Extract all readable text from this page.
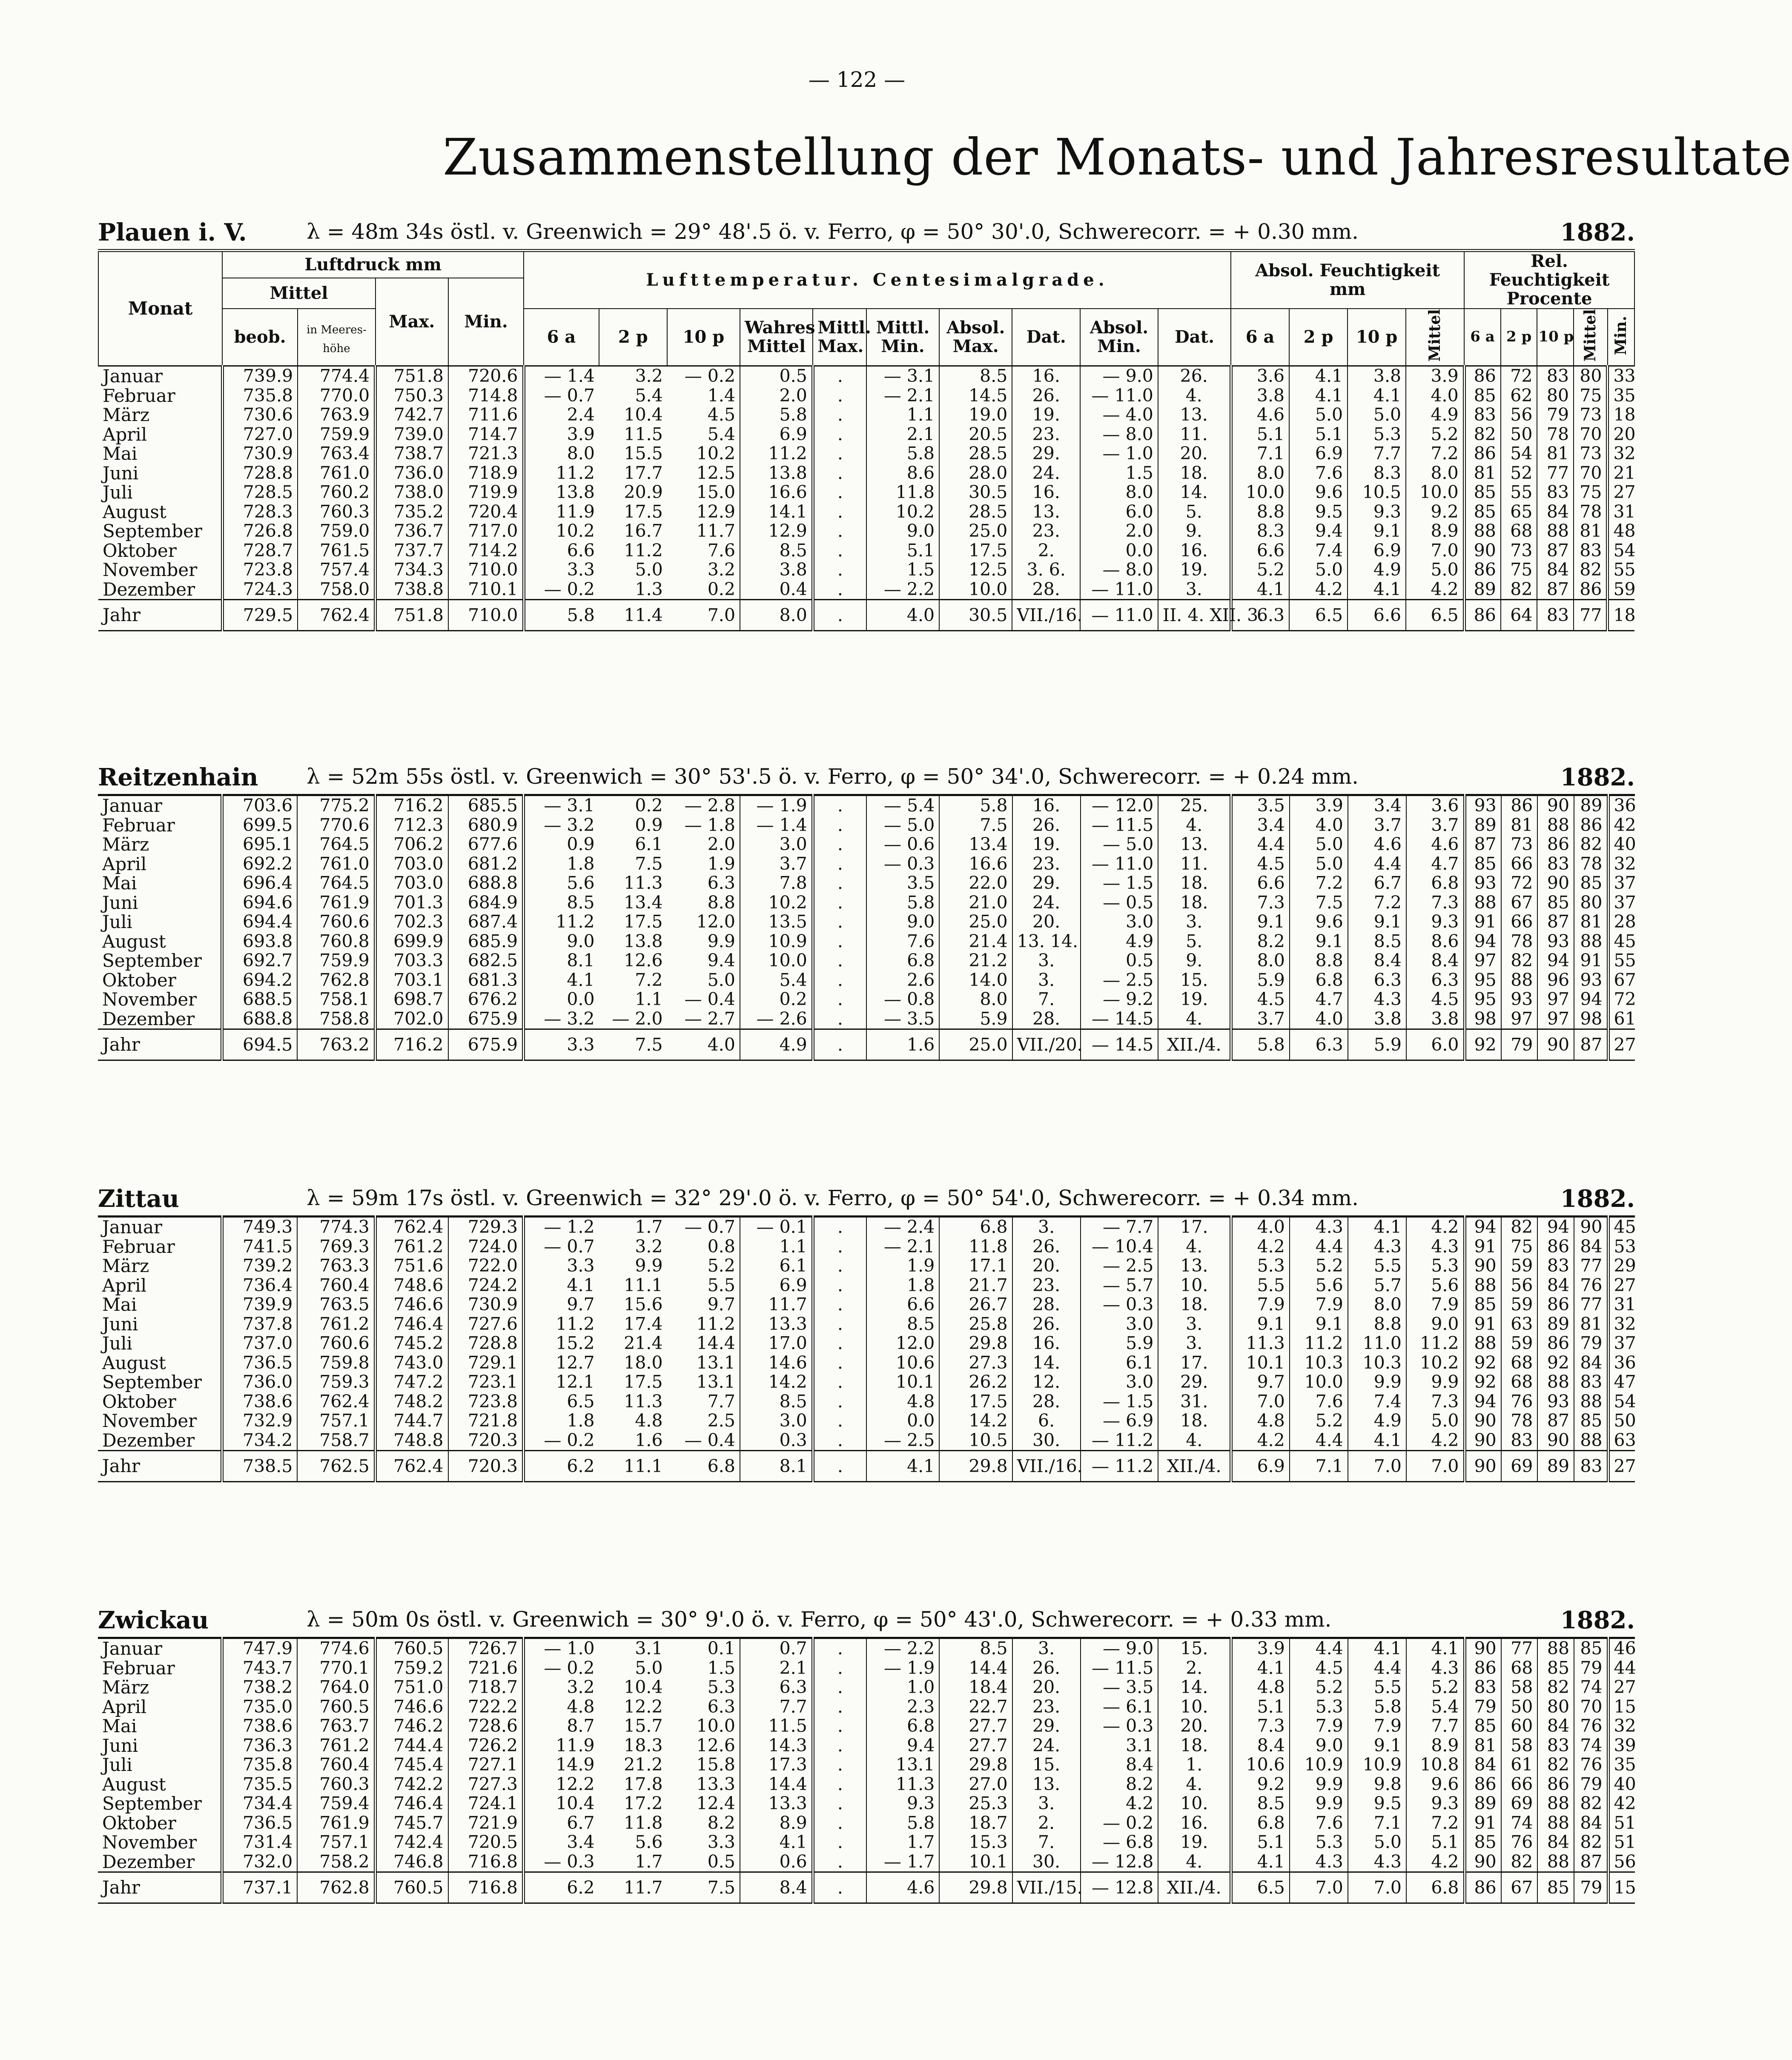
— 122 —
Zusammenstellung der Monats- und Jahresresultate
Plauen i. V.	λ = 48m 34s östl. v. Greenwich = 29° 48'.5 ö. v. Ferro, φ = 50° 30'.0, Schwerecorr. = + 0.30 mm.	1882.
Monat	Luftdruck mm				Lufttemperatur. Centesimalgrade.										Absol. Feuchtigkeit mm				Rel. Feuchtigkeit Procente				
	Mittel		Max.	Min.																			
	beob.	in Meeres-höhe			6 a	2 p	10 p	Wahres Mittel	Mittl. Max.	Mittl. Min.	Absol. Max.	Dat.	Absol. Min.	Dat.	6 a	2 p	10 p	Mittel	6 a	2 p	10 p	Mittel	Min.
Januar	739.9	774.4	751.8	720.6	— 1.4	3.2	— 0.2	0.5	.	— 3.1	8.5	16.	— 9.0	26.	3.6	4.1	3.8	3.9	86	72	83	80	33
Februar	735.8	770.0	750.3	714.8	— 0.7	5.4	1.4	2.0	.	— 2.1	14.5	26.	— 11.0	4.	3.8	4.1	4.1	4.0	85	62	80	75	35
März	730.6	763.9	742.7	711.6	2.4	10.4	4.5	5.8	.	1.1	19.0	19.	— 4.0	13.	4.6	5.0	5.0	4.9	83	56	79	73	18
April	727.0	759.9	739.0	714.7	3.9	11.5	5.4	6.9	.	2.1	20.5	23.	— 8.0	11.	5.1	5.1	5.3	5.2	82	50	78	70	20
Mai	730.9	763.4	738.7	721.3	8.0	15.5	10.2	11.2	.	5.8	28.5	29.	— 1.0	20.	7.1	6.9	7.7	7.2	86	54	81	73	32
Juni	728.8	761.0	736.0	718.9	11.2	17.7	12.5	13.8	.	8.6	28.0	24.	1.5	18.	8.0	7.6	8.3	8.0	81	52	77	70	21
Juli	728.5	760.2	738.0	719.9	13.8	20.9	15.0	16.6	.	11.8	30.5	16.	8.0	14.	10.0	9.6	10.5	10.0	85	55	83	75	27
August	728.3	760.3	735.2	720.4	11.9	17.5	12.9	14.1	.	10.2	28.5	13.	6.0	5.	8.8	9.5	9.3	9.2	85	65	84	78	31
September	726.8	759.0	736.7	717.0	10.2	16.7	11.7	12.9	.	9.0	25.0	23.	2.0	9.	8.3	9.4	9.1	8.9	88	68	88	81	48
Oktober	728.7	761.5	737.7	714.2	6.6	11.2	7.6	8.5	.	5.1	17.5	2.	0.0	16.	6.6	7.4	6.9	7.0	90	73	87	83	54
November	723.8	757.4	734.3	710.0	3.3	5.0	3.2	3.8	.	1.5	12.5	3. 6.	— 8.0	19.	5.2	5.0	4.9	5.0	86	75	84	82	55
Dezember	724.3	758.0	738.8	710.1	— 0.2	1.3	0.2	0.4	.	— 2.2	10.0	28.	— 11.0	3.	4.1	4.2	4.1	4.2	89	82	87	86	59
Jahr	729.5	762.4	751.8	710.0	5.8	11.4	7.0	8.0	.	4.0	30.5	VII./16.	— 11.0	II. 4. XII. 3.	6.3	6.5	6.6	6.5	86	64	83	77	18
Reitzenhain λ = 52m 55s östl. v. Greenwich = 30° 53'.5 ö. v. Ferro, φ = 50° 34'.0, Schwerecorr. = + 0.24 mm.	1882.
Januar	703.6	775.2	716.2	685.5	— 3.1	0.2	— 2.8	— 1.9	.	— 5.4	5.8	16.	— 12.0	25.	3.5	3.9	3.4	3.6	93	86	90	89	36
Februar	699.5	770.6	712.3	680.9	— 3.2	0.9	— 1.8	— 1.4	.	— 5.0	7.5	26.	— 11.5	4.	3.4	4.0	3.7	3.7	89	81	88	86	42
März	695.1	764.5	706.2	677.6	0.9	6.1	2.0	3.0	.	— 0.6	13.4	19.	— 5.0	13.	4.4	5.0	4.6	4.6	87	73	86	82	40
April	692.2	761.0	703.0	681.2	1.8	7.5	1.9	3.7	.	— 0.3	16.6	23.	— 11.0	11.	4.5	5.0	4.4	4.7	85	66	83	78	32
Mai	696.4	764.5	703.0	688.8	5.6	11.3	6.3	7.8	.	3.5	22.0	29.	— 1.5	18.	6.6	7.2	6.7	6.8	93	72	90	85	37
Juni	694.6	761.9	701.3	684.9	8.5	13.4	8.8	10.2	.	5.8	21.0	24.	— 0.5	18.	7.3	7.5	7.2	7.3	88	67	85	80	37
Juli	694.4	760.6	702.3	687.4	11.2	17.5	12.0	13.5	.	9.0	25.0	20.	3.0	3.	9.1	9.6	9.1	9.3	91	66	87	81	28
August	693.8	760.8	699.9	685.9	9.0	13.8	9.9	10.9	.	7.6	21.4	13. 14.	4.9	5.	8.2	9.1	8.5	8.6	94	78	93	88	45
September	692.7	759.9	703.3	682.5	8.1	12.6	9.4	10.0	.	6.8	21.2	3.	0.5	9.	8.0	8.8	8.4	8.4	97	82	94	91	55
Oktober	694.2	762.8	703.1	681.3	4.1	7.2	5.0	5.4	.	2.6	14.0	3.	— 2.5	15.	5.9	6.8	6.3	6.3	95	88	96	93	67
November	688.5	758.1	698.7	676.2	0.0	1.1	— 0.4	0.2	.	— 0.8	8.0	7.	— 9.2	19.	4.5	4.7	4.3	4.5	95	93	97	94	72
Dezember	688.8	758.8	702.0	675.9	— 3.2	— 2.0	— 2.7	— 2.6	.	— 3.5	5.9	28.	— 14.5	4.	3.7	4.0	3.8	3.8	98	97	97	98	61
Jahr	694.5	763.2	716.2	675.9	3.3	7.5	4.0	4.9	.	1.6	25.0	VII./20.	— 14.5	XII./4.	5.8	6.3	5.9	6.0	92	79	90	87	27
Zittau	λ = 59m 17s östl. v. Greenwich = 32° 29'.0 ö. v. Ferro, φ = 50° 54'.0, Schwerecorr. = + 0.34 mm.	1882.
Januar	749.3	774.3	762.4	729.3	— 1.2	1.7	— 0.7	— 0.1	.	— 2.4	6.8	3.	— 7.7	17.	4.0	4.3	4.1	4.2	94	82	94	90	45
Februar	741.5	769.3	761.2	724.0	— 0.7	3.2	0.8	1.1	.	— 2.1	11.8	26.	— 10.4	4.	4.2	4.4	4.3	4.3	91	75	86	84	53
März	739.2	763.3	751.6	722.0	3.3	9.9	5.2	6.1	.	1.9	17.1	20.	— 2.5	13.	5.3	5.2	5.5	5.3	90	59	83	77	29
April	736.4	760.4	748.6	724.2	4.1	11.1	5.5	6.9	.	1.8	21.7	23.	— 5.7	10.	5.5	5.6	5.7	5.6	88	56	84	76	27
Mai	739.9	763.5	746.6	730.9	9.7	15.6	9.7	11.7	.	6.6	26.7	28.	— 0.3	18.	7.9	7.9	8.0	7.9	85	59	86	77	31
Juni	737.8	761.2	746.4	727.6	11.2	17.4	11.2	13.3	.	8.5	25.8	26.	3.0	3.	9.1	9.1	8.8	9.0	91	63	89	81	32
Juli	737.0	760.6	745.2	728.8	15.2	21.4	14.4	17.0	.	12.0	29.8	16.	5.9	3.	11.3	11.2	11.0	11.2	88	59	86	79	37
August	736.5	759.8	743.0	729.1	12.7	18.0	13.1	14.6	.	10.6	27.3	14.	6.1	17.	10.1	10.3	10.3	10.2	92	68	92	84	36
September	736.0	759.3	747.2	723.1	12.1	17.5	13.1	14.2	.	10.1	26.2	12.	3.0	29.	9.7	10.0	9.9	9.9	92	68	88	83	47
Oktober	738.6	762.4	748.2	723.8	6.5	11.3	7.7	8.5	.	4.8	17.5	28.	— 1.5	31.	7.0	7.6	7.4	7.3	94	76	93	88	54
November	732.9	757.1	744.7	721.8	1.8	4.8	2.5	3.0	.	0.0	14.2	6.	— 6.9	18.	4.8	5.2	4.9	5.0	90	78	87	85	50
Dezember	734.2	758.7	748.8	720.3	— 0.2	1.6	— 0.4	0.3	.	— 2.5	10.5	30.	— 11.2	4.	4.2	4.4	4.1	4.2	90	83	90	88	63
Jahr	738.5	762.5	762.4	720.3	6.2	11.1	6.8	8.1	.	4.1	29.8	VII./16.	— 11.2	XII./4.	6.9	7.1	7.0	7.0	90	69	89	83	27
Zwickau	λ = 50m 0s östl. v. Greenwich = 30° 9'.0 ö. v. Ferro, φ = 50° 43'.0, Schwerecorr. = + 0.33 mm.	1882.
Januar	747.9	774.6	760.5	726.7	— 1.0	3.1	0.1	0.7	.	— 2.2	8.5	3.	— 9.0	15.	3.9	4.4	4.1	4.1	90	77	88	85	46
Februar	743.7	770.1	759.2	721.6	— 0.2	5.0	1.5	2.1	.	— 1.9	14.4	26.	— 11.5	2.	4.1	4.5	4.4	4.3	86	68	85	79	44
März	738.2	764.0	751.0	718.7	3.2	10.4	5.3	6.3	.	1.0	18.4	20.	— 3.5	14.	4.8	5.2	5.5	5.2	83	58	82	74	27
April	735.0	760.5	746.6	722.2	4.8	12.2	6.3	7.7	.	2.3	22.7	23.	— 6.1	10.	5.1	5.3	5.8	5.4	79	50	80	70	15
Mai	738.6	763.7	746.2	728.6	8.7	15.7	10.0	11.5	.	6.8	27.7	29.	— 0.3	20.	7.3	7.9	7.9	7.7	85	60	84	76	32
Juni	736.3	761.2	744.4	726.2	11.9	18.3	12.6	14.3	.	9.4	27.7	24.	3.1	18.	8.4	9.0	9.1	8.9	81	58	83	74	39
Juli	735.8	760.4	745.4	727.1	14.9	21.2	15.8	17.3	.	13.1	29.8	15.	8.4	1.	10.6	10.9	10.9	10.8	84	61	82	76	35
August	735.5	760.3	742.2	727.3	12.2	17.8	13.3	14.4	.	11.3	27.0	13.	8.2	4.	9.2	9.9	9.8	9.6	86	66	86	79	40
September	734.4	759.4	746.4	724.1	10.4	17.2	12.4	13.3	.	9.3	25.3	3.	4.2	10.	8.5	9.9	9.5	9.3	89	69	88	82	42
Oktober	736.5	761.9	745.7	721.9	6.7	11.8	8.2	8.9	.	5.8	18.7	2.	— 0.2	16.	6.8	7.6	7.1	7.2	91	74	88	84	51
November	731.4	757.1	742.4	720.5	3.4	5.6	3.3	4.1	.	1.7	15.3	7.	— 6.8	19.	5.1	5.3	5.0	5.1	85	76	84	82	51
Dezember	732.0	758.2	746.8	716.8	— 0.3	1.7	0.5	0.6	.	— 1.7	10.1	30.	— 12.8	4.	4.1	4.3	4.3	4.2	90	82	88	87	56
Jahr	737.1	762.8	760.5	716.8	6.2	11.7	7.5	8.4	.	4.6	29.8	VII./15.	— 12.8	XII./4.	6.5	7.0	7.0	6.8	86	67	85	79	15
